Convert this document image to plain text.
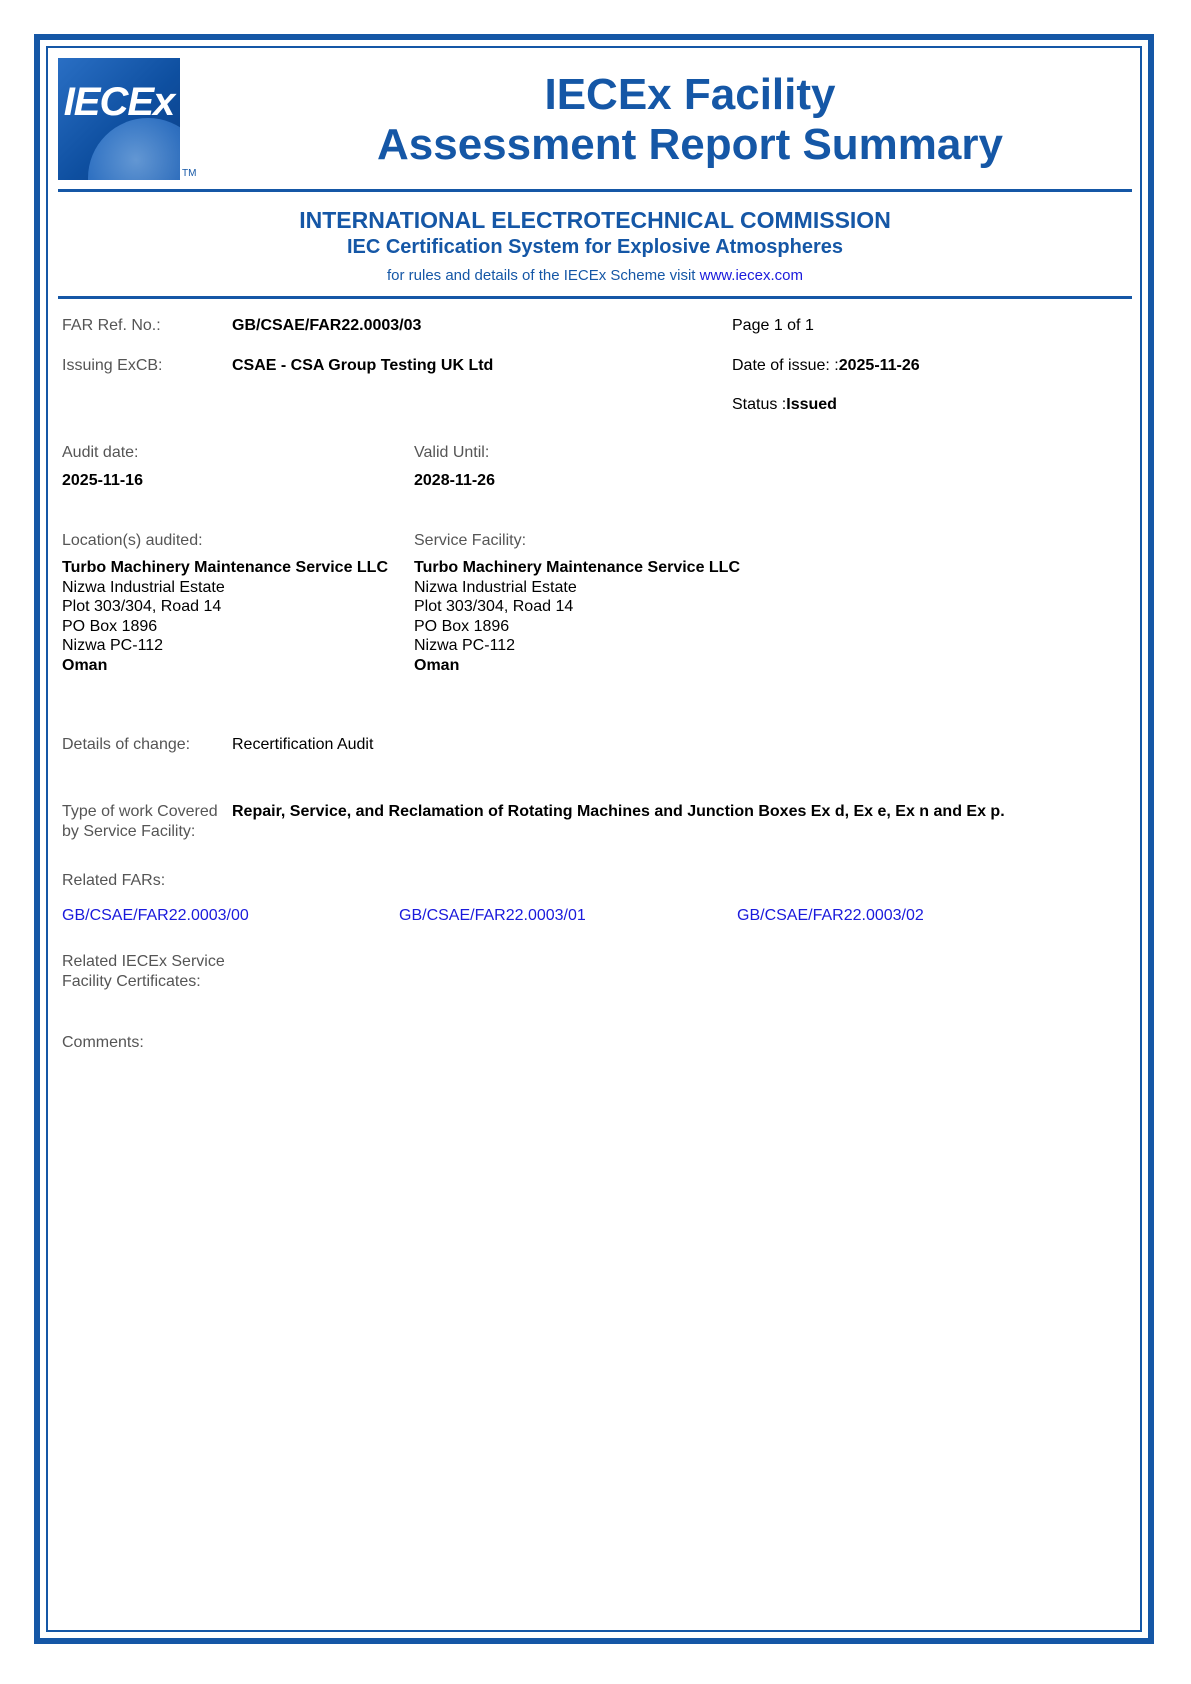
IECEx
TM
IECEx Facility
Assessment Report Summary
INTERNATIONAL ELECTROTECHNICAL COMMISSION
IEC Certification System for Explosive Atmospheres
for rules and details of the IECEx Scheme visit www.iecex.com
FAR Ref. No.:	GB/CSAE/FAR22.0003/03	Page 1 of 1
Issuing ExCB:	CSAE - CSA Group Testing UK Ltd	Date of issue: :2025-11-26
Status :Issued
Audit date:
2025-11-16
Valid Until:
2028-11-26
Location(s) audited:
Turbo Machinery Maintenance Service LLC
Nizwa Industrial Estate
Plot 303/304, Road 14
PO Box 1896
Nizwa PC-112
Oman
Service Facility:
Turbo Machinery Maintenance Service LLC
Nizwa Industrial Estate
Plot 303/304, Road 14
PO Box 1896
Nizwa PC-112
Oman
Details of change:	Recertification Audit
Type of work Covered
by Service Facility:
Repair, Service, and Reclamation of Rotating Machines and Junction Boxes Ex d, Ex e, Ex n and Ex p.
Related FARs:
GB/CSAE/FAR22.0003/00	GB/CSAE/FAR22.0003/01	GB/CSAE/FAR22.0003/02
Related IECEx Service
Facility Certificates:
Comments:
